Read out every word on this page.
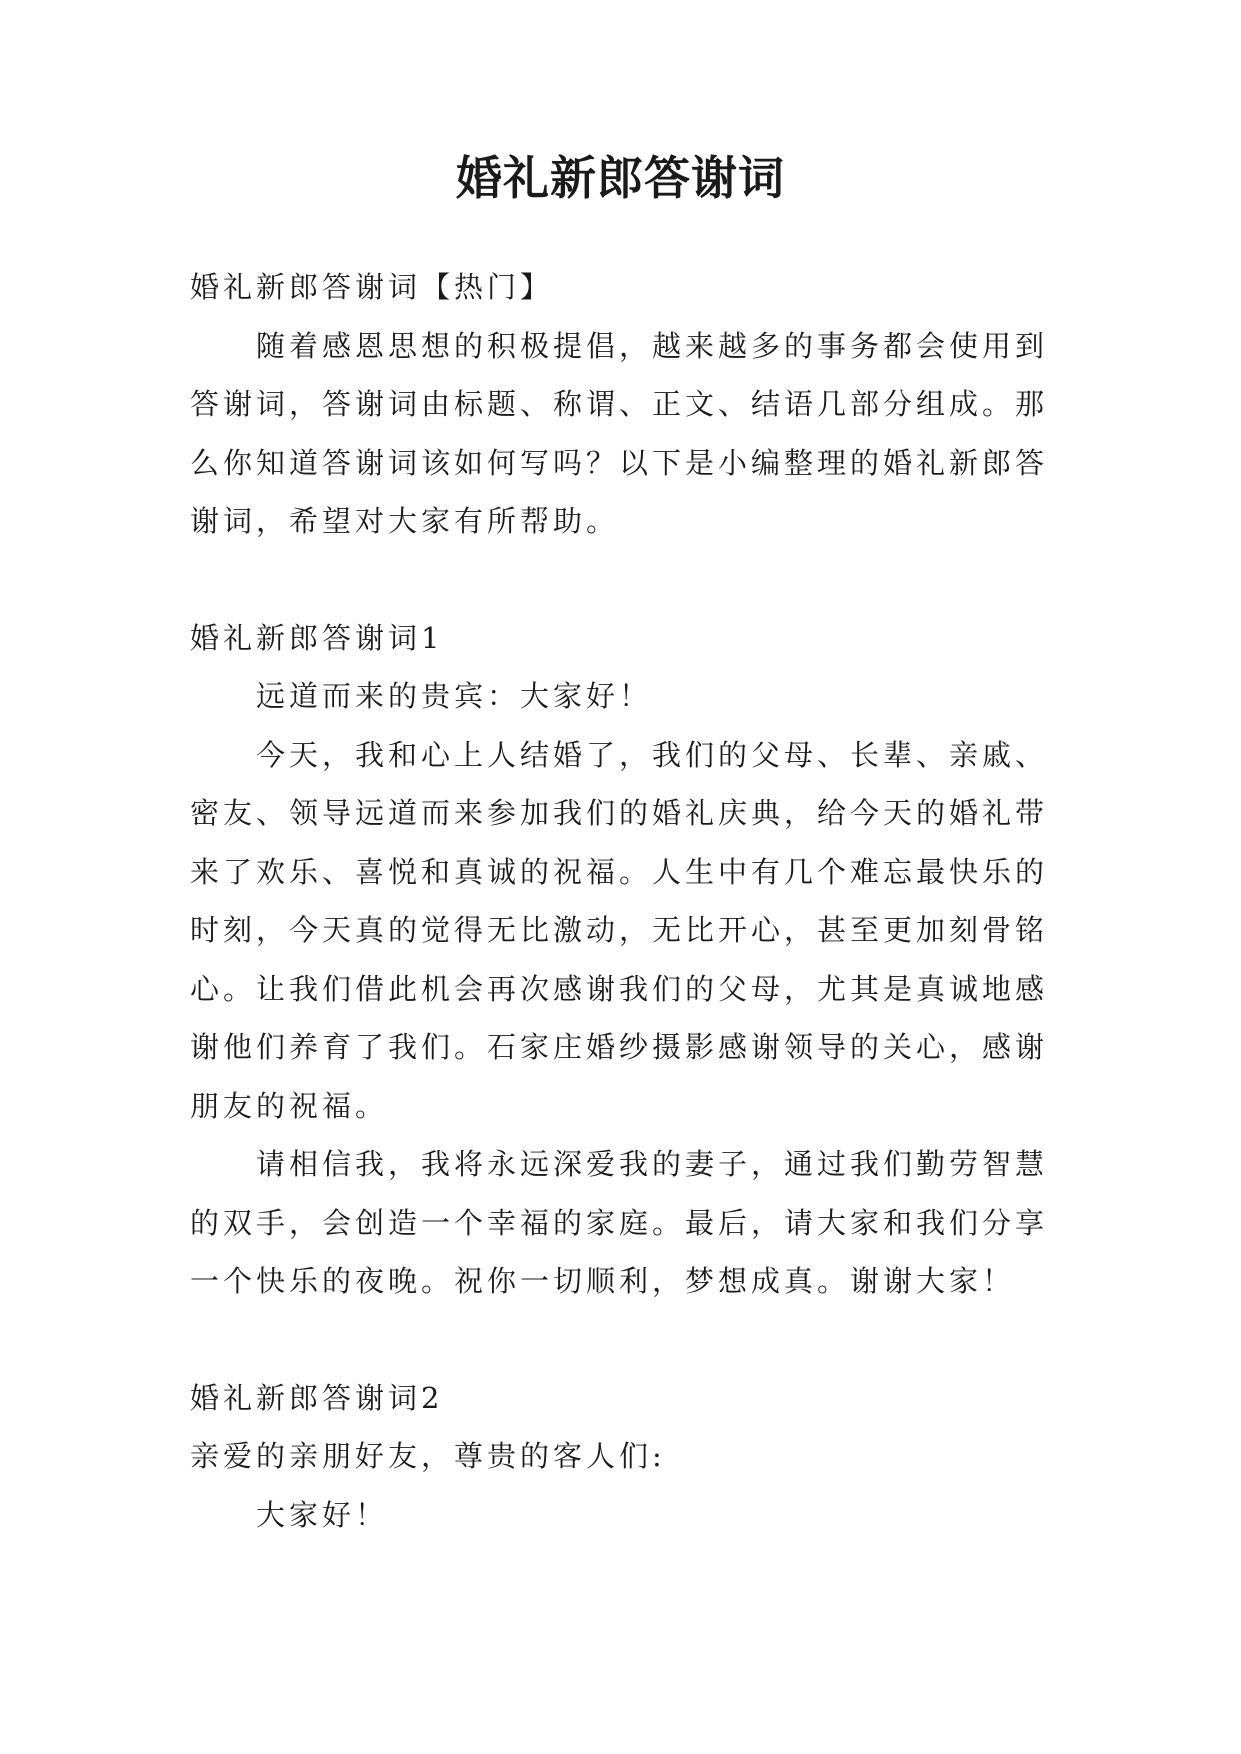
婚礼新郎答谢词

婚礼新郎答谢词【热门】

随着感恩思想的积极提倡，越来越多的事务都会使用到答谢词，答谢词由标题、称谓、正文、结语几部分组成。那么你知道答谢词该如何写吗？以下是小编整理的婚礼新郎答谢词，希望对大家有所帮助。

婚礼新郎答谢词1

远道而来的贵宾：大家好！

今天，我和心上人结婚了，我们的父母、长辈、亲戚、密友、领导远道而来参加我们的婚礼庆典，给今天的婚礼带来了欢乐、喜悦和真诚的祝福。人生中有几个难忘最快乐的时刻，今天真的觉得无比激动，无比开心，甚至更加刻骨铭心。让我们借此机会再次感谢我们的父母，尤其是真诚地感谢他们养育了我们。石家庄婚纱摄影感谢领导的关心，感谢朋友的祝福。

请相信我，我将永远深爱我的妻子，通过我们勤劳智慧的双手，会创造一个幸福的家庭。最后，请大家和我们分享一个快乐的夜晚。祝你一切顺利，梦想成真。谢谢大家！

婚礼新郎答谢词2

亲爱的亲朋好友，尊贵的客人们:

大家好！
